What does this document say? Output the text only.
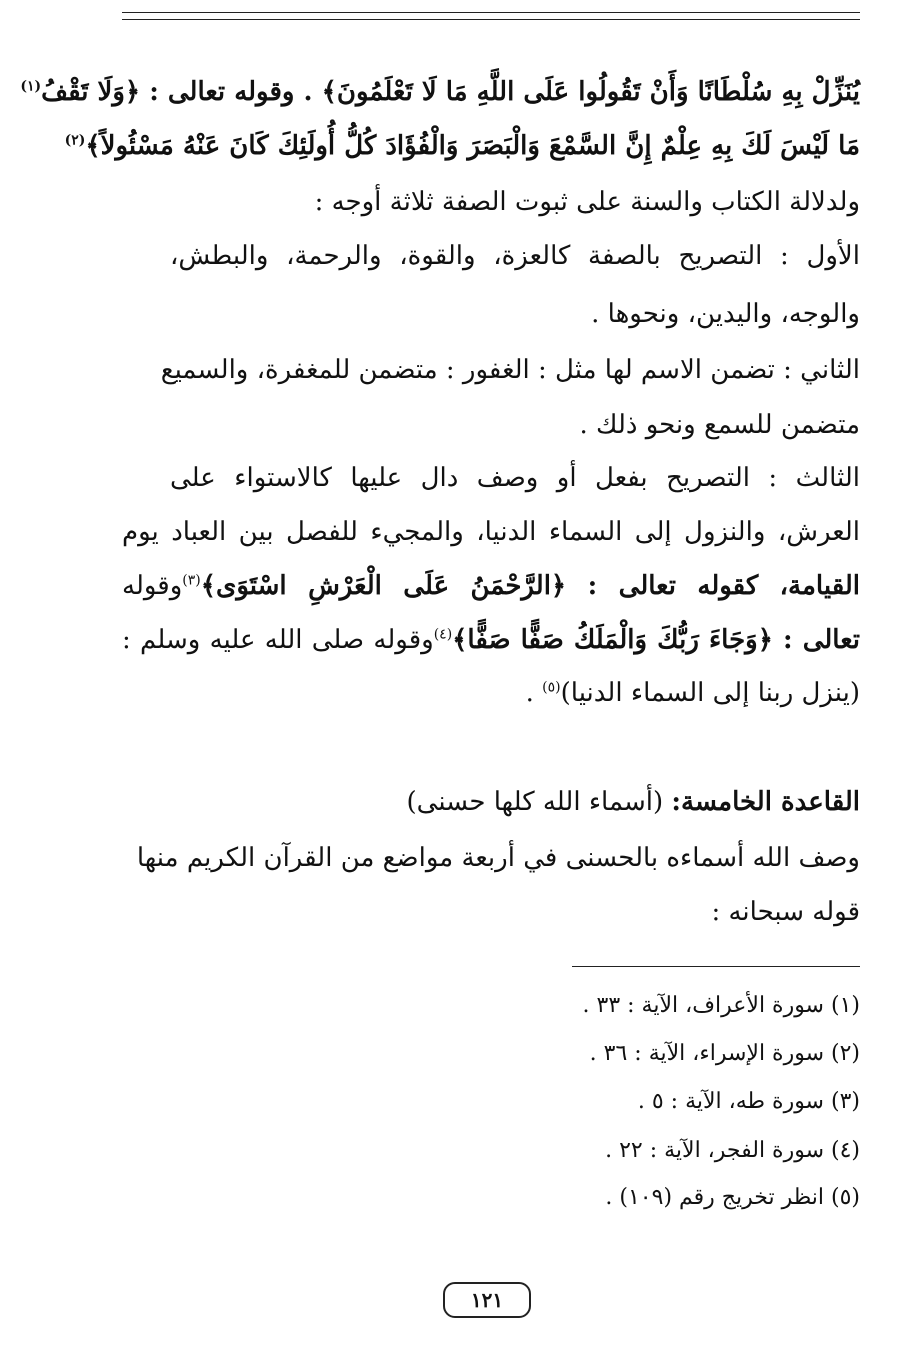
يُنَزِّلْ بِهِ سُلْطَانًا وَأَنْ تَقُولُوا عَلَى اللَّهِ مَا لَا تَعْلَمُونَ﴾ . وقوله تعالى : ﴿وَلَا تَقْفُ$^{(١)}$
مَا لَيْسَ لَكَ بِهِ عِلْمٌ إِنَّ السَّمْعَ وَالْبَصَرَ وَالْفُؤَادَ كُلُّ أُولَئِكَ كَانَ عَنْهُ مَسْئُولاً﴾$^{(٢)}$
ولدلالة الكتاب والسنة على ثبوت الصفة ثلاثة أوجه :
الأول : التصريح بالصفة كالعزة، والقوة، والرحمة، والبطش،
والوجه، واليدين، ونحوها .
الثاني : تضمن الاسم لها مثل : الغفور : متضمن للمغفرة، والسميع
متضمن للسمع ونحو ذلك .
الثالث : التصريح بفعل أو وصف دال عليها كالاستواء على
العرش، والنزول إلى السماء الدنيا، والمجيء للفصل بين العباد يوم
القيامة، كقوله تعالى : ﴿الرَّحْمَنُ عَلَى الْعَرْشِ اسْتَوَى﴾$^{(٣)}$وقوله
تعالى : ﴿وَجَاءَ رَبُّكَ وَالْمَلَكُ صَفًّا صَفًّا﴾$^{(٤)}$وقوله صلى الله عليه وسلم :
(ينزل ربنا إلى السماء الدنيا)$^{(٥)}$ .
القاعدة الخامسة: (أسماء الله كلها حسنى)
وصف الله أسماءه بالحسنى في أربعة مواضع من القرآن الكريم منها
قوله سبحانه :
(١) سورة الأعراف، الآية : ٣٣ .
(٢) سورة الإسراء، الآية : ٣٦ .
(٣) سورة طه، الآية : ٥ .
(٤) سورة الفجر، الآية : ٢٢ .
(٥) انظر تخريج رقم (١٠٩) .
١٢١
